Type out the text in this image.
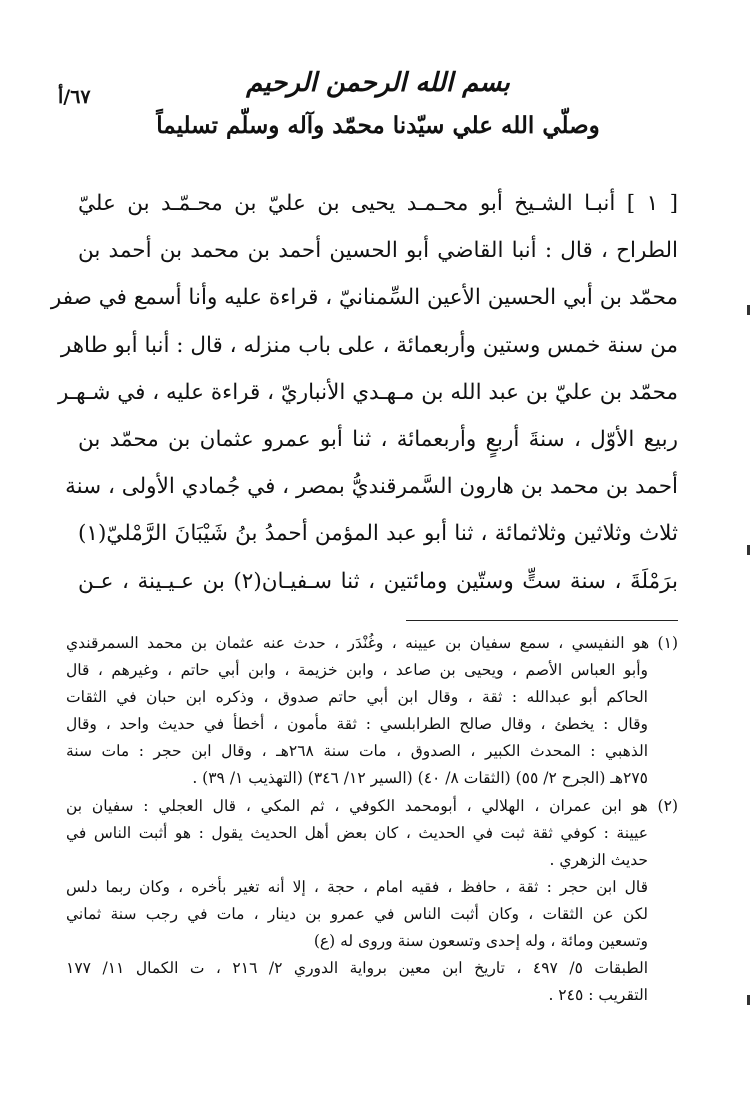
٦٧/أ	بسم الله الرحمن الرحيم
وصلّي الله علي سيّدنا محمّد وآله وسلّم تسليماً
[ ١ ] أنبـا الشـيخ أبو محـمـد يحيى بن عليّ بن محـمّـد بن عليّ
الطراح ، قال : أنبا القاضي أبو الحسين أحمد بن محمد بن أحمد بن
محمّد بن أبي الحسين الأعين السِّمنانيّ ، قراءة عليه وأنا أسمع في صفر
من سنة خمس وستين وأربعمائة ، على باب منزله ، قال : أنبا أبو طاهر
محمّد بن عليّ بن عبد الله بن مـهـدي الأنباريّ ، قراءة عليه ، في شـهـر
ربيع الأوّل ، سنةَ أربعٍ وأربعمائة ، ثنا أبو عمرو عثمان بن محمّد بن
أحمد بن محمد بن هارون السَّمرقنديُّ بمصر ، في جُمادي الأولى ، سنة
ثلاث وثلاثين وثلاثمائة ، ثنا أبو عبد المؤمن أحمدُ بنُ شَيْبَانَ الرَّمْليّ(١)
برَمْلَةَ ، سنة ستٍّ وستّين ومائتين ، ثنا سـفيـان(٢) بن عـيـينة ، عـن
(١) هو النفيسي ، سمع سفيان بن عيينه ، وغُنْدَر ، حدث عنه عثمان بن محمد السمرقندي
وأبو العباس الأصم ، ويحيى بن صاعد ، وابن خزيمة ، وابن أبي حاتم ، وغيرهم ، قال
الحاكم أبو عبدالله : ثقة ، وقال ابن أبي حاتم صدوق ، وذكره ابن حبان في الثقات
وقال : يخطئ ، وقال صالح الطرابلسي : ثقة مأمون ، أخطأ في حديث واحد ، وقال
الذهبي : المحدث الكبير ، الصدوق ، مات سنة ٢٦٨هـ ، وقال ابن حجر : مات سنة
٢٧٥هـ (الجرح ٢/ ٥٥) (الثقات ٨/ ٤٠) (السير ١٢/ ٣٤٦) (التهذيب ١/ ٣٩) .
(٢) هو ابن عمران ، الهلالي ، أبومحمد الكوفي ، ثم المكي ، قال العجلي : سفيان بن
عيينة : كوفي ثقة ثبت في الحديث ، كان بعض أهل الحديث يقول : هو أثبت الناس في
حديث الزهري .
قال ابن حجر : ثقة ، حافظ ، فقيه امام ، حجة ، إلا أنه تغير بأخره ، وكان ربما دلس
لكن عن الثقات ، وكان أثبت الناس في عمرو بن دينار ، مات في رجب سنة ثماني
وتسعين ومائة ، وله إحدى وتسعون سنة وروى له (ع)
الطبقات ٥/ ٤٩٧ ، تاريخ ابن معين برواية الدوري ٢/ ٢١٦ ، ت الكمال ١١/ ١٧٧
التقريب : ٢٤٥ .
